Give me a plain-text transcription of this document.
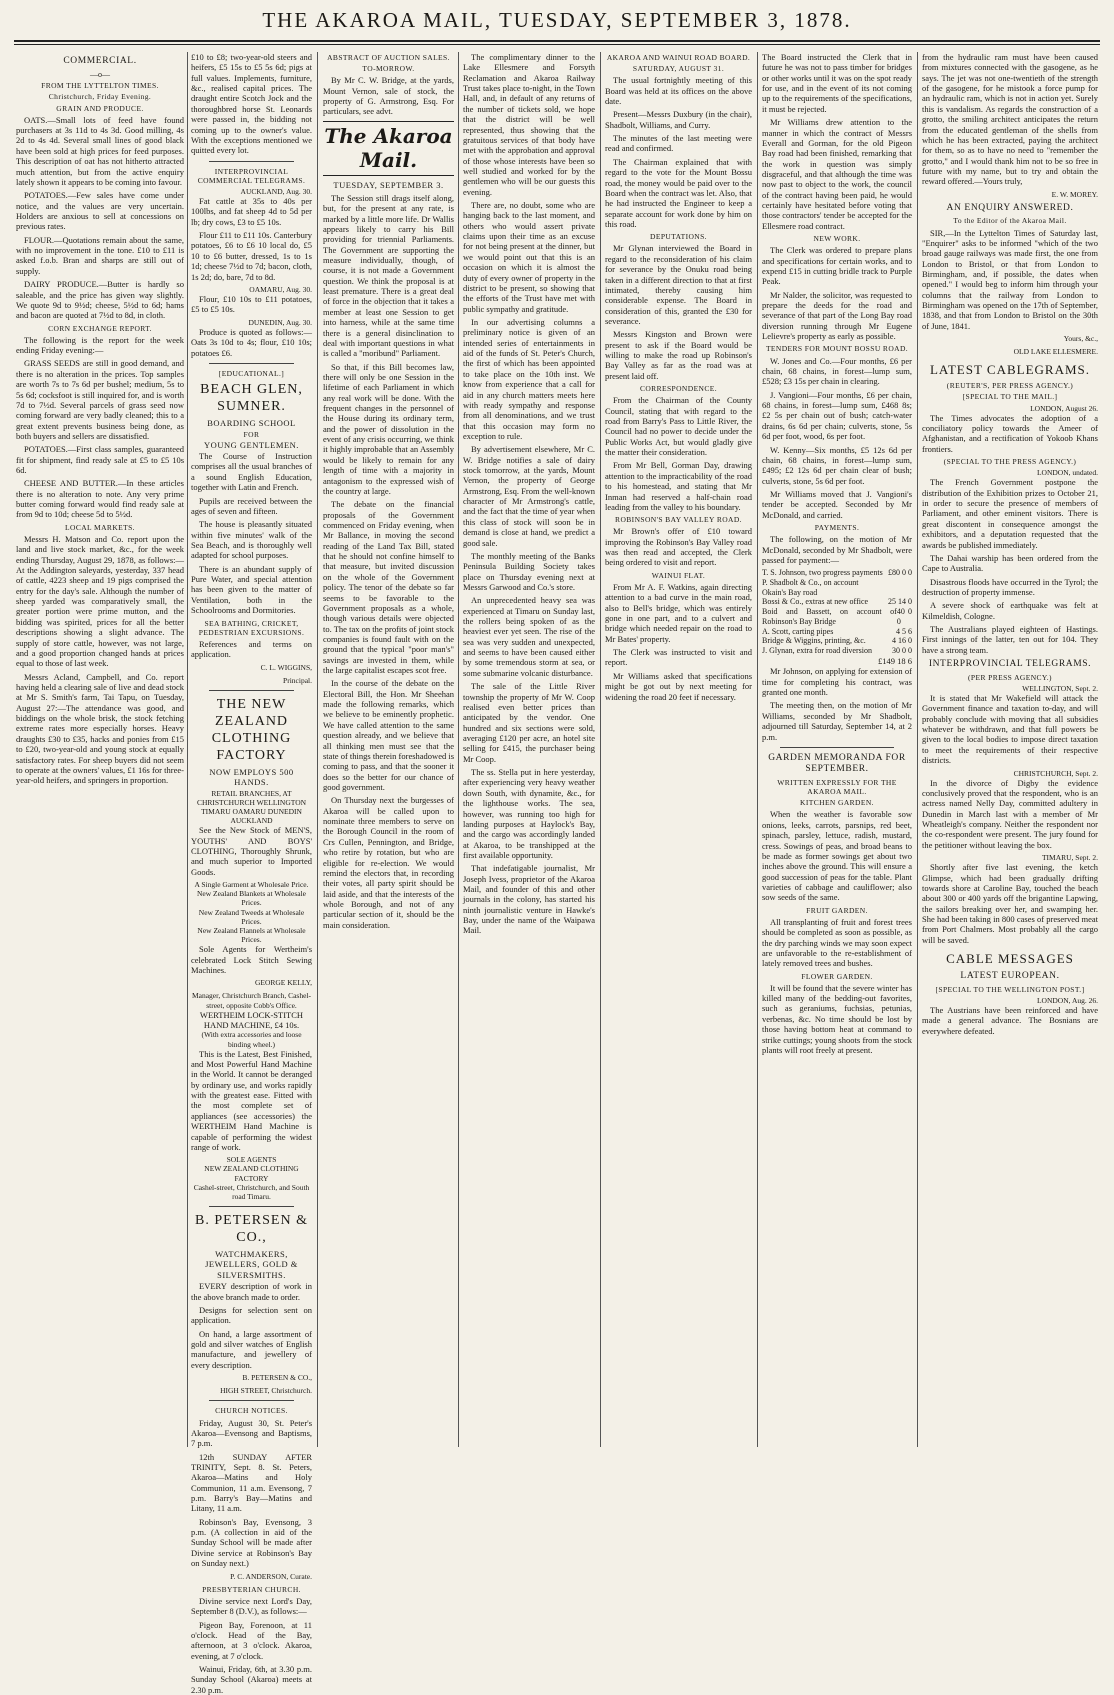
THE AKAROA MAIL, TUESDAY, SEPTEMBER 3, 1878.
COMMERCIAL.
—o—
FROM THE LYTTELTON TIMES.
Christchurch, Friday Evening.
GRAIN AND PRODUCE.

OATS.—Small lots of feed have found purchasers at 3s 11d to 4s 3d. Good milling, 4s 2d to 4s 4d. Several small lines of good black have been sold at high prices for feed purposes. This description of oat has not hitherto attracted much attention, but from the active enquiry lately shown it appears to be coming into favour.

POTATOES.—Few sales have come under notice, and the values are very uncertain. Holders are anxious to sell at concessions on previous rates.

FLOUR.—Quotations remain about the same, with no improvement in the tone. £10 to £11 is asked f.o.b. Bran and sharps are still out of supply.

DAIRY PRODUCE.—Butter is hardly so saleable, and the price has given way slightly. We quote 9d to 9½d; cheese, 5½d to 6d; hams and bacon are quoted at 7½d to 8d, in cloth.

CORN EXCHANGE REPORT.

The following is the report for the week ending Friday evening:—

GRASS SEEDS are still in good demand, and there is no alteration in the prices. Top samples are worth 7s to 7s 6d per bushel; medium, 5s to 5s 6d; cocksfoot is still inquired for, and is worth 7d to 7½d. Several parcels of grass seed now coming forward are very badly cleaned; this to a great extent prevents business being done, as both buyers and sellers are dissatisfied.

POTATOES.—First class samples, guaranteed fit for shipment, find ready sale at £5 to £5 10s 6d.

CHEESE AND BUTTER.—In these articles there is no alteration to note. Any very prime butter coming forward would find ready sale at from 9d to 10d; cheese 5d to 5½d.

LOCAL MARKETS.

Messrs H. Matson and Co. report upon the land and live stock market, &c., for the week ending Thursday, August 29, 1878, as follows:—At the Addington saleyards, yesterday, 337 head of cattle, 4223 sheep and 19 pigs comprised the entry for the day's sale. Although the number of sheep yarded was comparatively small, the greater portion were prime mutton, and the bidding was spirited, prices for all the better descriptions showing a slight advance. The supply of store cattle, however, was not large, and a good proportion changed hands at prices equal to those of last week.

Messrs Acland, Campbell, and Co. report having held a clearing sale of live and dead stock at Mr S. Smith's farm, Tai Tapu, on Tuesday, August 27:—The attendance was good, and biddings on the whole brisk, the stock fetching extreme rates more especially horses. Heavy draughts £30 to £35, hacks and ponies from £15 to £20, two-year-old and young stock at equally satisfactory rates. For sheep buyers did not seem to operate at the owners' values, £1 16s for three-year-old heifers, and springers in proportion.

£10 to £8; two-year-old steers and heifers, £5 15s to £5 5s 6d; pigs at full values. Implements, furniture, &c., realised capital prices. The draught entire Scotch Jock and the thoroughbred horse St. Leonards were passed in, the bidding not coming up to the owner's value. With the exceptions mentioned we quitted every lot.

INTERPROVINCIAL COMMERCIAL TELEGRAMS.
AUCKLAND, Aug. 30.

Fat cattle at 35s to 40s per 100lbs, and fat sheep 4d to 5d per lb; dry cows, £3 to £5 10s.

Flour £11 to £11 10s. Canterbury potatoes, £6 to £6 10 local do, £5 10 to £6 butter, dressed, 1s to 1s 1d; cheese 7½d to 7d; bacon, cloth, 1s 2d; do, bare, 7d to 8d.

OAMARU, Aug. 30.

Flour, £10 10s to £11 potatoes, £5 to £5 10s.

DUNEDIN, Aug. 30.

Produce is quoted as follows:—Oats 3s 10d to 4s; flour, £10 10s; potatoes £6.

[EDUCATIONAL.]
BEACH GLEN, SUMNER.
BOARDING SCHOOL
FOR
YOUNG GENTLEMEN.

The Course of Instruction comprises all the usual branches of a sound English Education, together with Latin and French.

Pupils are received between the ages of seven and fifteen.

The house is pleasantly situated within five minutes' walk of the Sea Beach, and is thoroughly well adapted for school purposes.

There is an abundant supply of Pure Water, and special attention has been given to the matter of Ventilation, both in the Schoolrooms and Dormitories.

SEA BATHING, CRICKET, PEDESTRIAN EXCURSIONS.

References and terms on application.

C. L. WIGGINS,
Principal.
THE NEW ZEALAND CLOTHING FACTORY
NOW EMPLOYS 500 HANDS.
RETAIL BRANCHES, AT CHRISTCHURCH WELLINGTON TIMARU OAMARU DUNEDIN AUCKLAND

See the New Stock of MEN'S, YOUTHS' AND BOYS' CLOTHING, Thoroughly Shrunk, and much superior to Imported Goods.

A Single Garment at Wholesale Price.
New Zealand Blankets at Wholesale Prices.
New Zealand Tweeds at Wholesale Prices.
New Zealand Flannels at Wholesale Prices.

Sole Agents for Wertheim's celebrated Lock Stitch Sewing Machines.

GEORGE KELLY,
Manager, Christchurch Branch, Cashel-street, opposite Cobb's Office.
WERTHEIM LOCK-STITCH HAND MACHINE, £4 10s.
(With extra accessories and loose binding wheel.)

This is the Latest, Best Finished, and Most Powerful Hand Machine in the World. It cannot be deranged by ordinary use, and works rapidly with the greatest ease. Fitted with the most complete set of appliances (see accessories) the WERTHEIM Hand Machine is capable of performing the widest range of work.

SOLE AGENTS
NEW ZEALAND CLOTHING FACTORY
Cashel-street, Christchurch, and South road Timaru.
B. PETERSEN & CO.,
WATCHMAKERS, JEWELLERS, GOLD & SILVERSMITHS.

EVERY description of work in the above branch made to order.

Designs for selection sent on application.

On hand, a large assortment of gold and silver watches of English manufacture, and jewellery of every description.

B. PETERSEN & CO.,
HIGH STREET, Christchurch.
CHURCH NOTICES.

Friday, August 30, St. Peter's Akaroa—Evensong and Baptisms, 7 p.m.

12th SUNDAY AFTER TRINITY, Sept. 8. St. Peters, Akaroa—Matins and Holy Communion, 11 a.m. Evensong, 7 p.m. Barry's Bay—Matins and Litany, 11 a.m.

Robinson's Bay, Evensong, 3 p.m. (A collection in aid of the Sunday School will be made after Divine service at Robinson's Bay on Sunday next.)

P. C. ANDERSON, Curate.
PRESBYTERIAN CHURCH.

Divine service next Lord's Day, September 8 (D.V.), as follows:—

Pigeon Bay, Forenoon, at 11 o'clock. Head of the Bay, afternoon, at 3 o'clock. Akaroa, evening, at 7 o'clock.

Wainui, Friday, 6th, at 3.30 p.m. Sunday School (Akaroa) meets at 2.30 p.m.

ABSTRACT OF AUCTION SALES.
TO-MORROW.

By Mr C. W. Bridge, at the yards, Mount Vernon, sale of stock, the property of G. Armstrong, Esq. For particulars, see advt.

The Akaroa Mail.
TUESDAY, SEPTEMBER 3.

The Session still drags itself along, but, for the present at any rate, is marked by a little more life. Dr Wallis appears likely to carry his Bill providing for triennial Parliaments. The Government are supporting the measure individually, though, of course, it is not made a Government question. We think the proposal is at least premature. There is a great deal of force in the objection that it takes a member at least one Session to get into harness, while at the same time there is a general disinclination to deal with important questions in what is called a "moribund" Parliament.

So that, if this Bill becomes law, there will only be one Session in the lifetime of each Parliament in which any real work will be done. With the frequent changes in the personnel of the House during its ordinary term, and the power of dissolution in the event of any crisis occurring, we think it highly improbable that an Assembly would be likely to remain for any length of time with a majority in antagonism to the expressed wish of the country at large.

The debate on the financial proposals of the Government commenced on Friday evening, when Mr Ballance, in moving the second reading of the Land Tax Bill, stated that he should not confine himself to that measure, but invited discussion on the whole of the Government policy. The tenor of the debate so far seems to be favorable to the Government proposals as a whole, though various details were objected to. The tax on the profits of joint stock companies is found fault with on the ground that the typical "poor man's" savings are invested in them, while the large capitalist escapes scot free.

In the course of the debate on the Electoral Bill, the Hon. Mr Sheehan made the following remarks, which we believe to be eminently prophetic. We have called attention to the same question already, and we believe that all thinking men must see that the state of things therein foreshadowed is coming to pass, and that the sooner it does so the better for our chance of good government.

On Thursday next the burgesses of Akaroa will be called upon to nominate three members to serve on the Borough Council in the room of Crs Cullen, Pennington, and Bridge, who retire by rotation, but who are eligible for re-election. We would remind the electors that, in recording their votes, all party spirit should be laid aside, and that the interests of the whole Borough, and not of any particular section of it, should be the main consideration.

The complimentary dinner to the Lake Ellesmere and Forsyth Reclamation and Akaroa Railway Trust takes place to-night, in the Town Hall, and, in default of any returns of the number of tickets sold, we hope that the district will be well represented, thus showing that the gratuitous services of that body have met with the approbation and approval of those whose interests have been so well studied and worked for by the gentlemen who will be our guests this evening.

There are, no doubt, some who are hanging back to the last moment, and others who would assert private claims upon their time as an excuse for not being present at the dinner, but we would point out that this is an occasion on which it is almost the duty of every owner of property in the district to be present, so showing that the efforts of the Trust have met with public sympathy and gratitude.

In our advertising columns a preliminary notice is given of an intended series of entertainments in aid of the funds of St. Peter's Church, the first of which has been appointed to take place on the 10th inst. We know from experience that a call for aid in any church matters meets here with ready sympathy and response from all denominations, and we trust that this occasion may form no exception to rule.

By advertisement elsewhere, Mr C. W. Bridge notifies a sale of dairy stock tomorrow, at the yards, Mount Vernon, the property of George Armstrong, Esq. From the well-known character of Mr Armstrong's cattle, and the fact that the time of year when this class of stock will soon be in demand is close at hand, we predict a good sale.

The monthly meeting of the Banks Peninsula Building Society takes place on Thursday evening next at Messrs Garwood and Co.'s store.

An unprecedented heavy sea was experienced at Timaru on Sunday last, the rollers being spoken of as the heaviest ever yet seen. The rise of the sea was very sudden and unexpected, and seems to have been caused either by some tremendous storm at sea, or some submarine volcanic disturbance.

The sale of the Little River township the property of Mr W. Coop realised even better prices than anticipated by the vendor. One hundred and six sections were sold, averaging £120 per acre, an hotel site selling for £415, the purchaser being Mr Coop.

The ss. Stella put in here yesterday, after experiencing very heavy weather down South, with dynamite, &c., for the lighthouse works. The sea, however, was running too high for landing purposes at Haylock's Bay, and the cargo was accordingly landed at Akaroa, to be transhipped at the first available opportunity.

That indefatigable journalist, Mr Joseph Ivess, proprietor of the Akaroa Mail, and founder of this and other journals in the colony, has started his ninth journalistic venture in Hawke's Bay, under the name of the Waipawa Mail.

AKAROA AND WAINUI ROAD BOARD.
SATURDAY, AUGUST 31.

The usual fortnightly meeting of this Board was held at its offices on the above date.

Present—Messrs Duxbury (in the chair), Shadbolt, Williams, and Curry.

The minutes of the last meeting were read and confirmed.

The Chairman explained that with regard to the vote for the Mount Bossu road, the money would be paid over to the Board when the contract was let. Also, that he had instructed the Engineer to keep a separate account for work done by him on this road.

DEPUTATIONS.

Mr Glynan interviewed the Board in regard to the reconsideration of his claim for severance by the Onuku road being taken in a different direction to that at first intimated, thereby causing him considerable expense. The Board in consideration of this, granted the £30 for severance.

Messrs Kingston and Brown were present to ask if the Board would be willing to make the road up Robinson's Bay Valley as far as the road was at present laid off.

CORRESPONDENCE.

From the Chairman of the County Council, stating that with regard to the road from Barry's Pass to Little River, the Council had no power to decide under the Public Works Act, but would gladly give the matter their consideration.

From Mr Bell, Gorman Day, drawing attention to the impracticability of the road to his homestead, and stating that Mr Inman had reserved a half-chain road leading from the valley to his boundary.

ROBINSON'S BAY VALLEY ROAD.

Mr Brown's offer of £10 toward improving the Robinson's Bay Valley road was then read and accepted, the Clerk being ordered to visit and report.

WAINUI FLAT.

From Mr A. F. Watkins, again directing attention to a bad curve in the main road, also to Bell's bridge, which was entirely gone in one part, and to a culvert and bridge which needed repair on the road to Mr Bates' property.

The Clerk was instructed to visit and report.

Mr Williams asked that specifications might be got out by next meeting for widening the road 20 feet if necessary.

The Board instructed the Clerk that in future he was not to pass timber for bridges or other works until it was on the spot ready for use, and in the event of its not coming up to the requirements of the specifications, it must be rejected.

Mr Williams drew attention to the manner in which the contract of Messrs Everall and Gorman, for the old Pigeon Bay road had been finished, remarking that the work in question was simply disgraceful, and that although the time was now past to object to the work, the council of the contract having been paid, he would certainly have hesitated before voting that those contractors' tender be accepted for the Ellesmere road contract.

NEW WORK.

The Clerk was ordered to prepare plans and specifications for certain works, and to expend £15 in cutting bridle track to Purple Peak.

Mr Nalder, the solicitor, was requested to prepare the deeds for the road and severance of that part of the Long Bay road diversion running through Mr Eugene Lelievre's property as early as possible.

TENDERS FOR MOUNT BOSSU ROAD.

W. Jones and Co.—Four months, £6 per chain, 68 chains, in forest—lump sum, £528; £3 15s per chain in clearing.

J. Vangioni—Four months, £6 per chain, 68 chains, in forest—lump sum, £468 8s; £2 5s per chain out of bush; catch-water drains, 6s 6d per chain; culverts, stone, 5s 6d per foot, wood, 6s per foot.

W. Kenny—Six months, £5 12s 6d per chain, 68 chains, in forest—lump sum, £495; £2 12s 6d per chain clear of bush; culverts, stone, 5s 6d per foot.

Mr Williams moved that J. Vangioni's tender be accepted. Seconded by Mr McDonald, and carried.

PAYMENTS.

The following, on the motion of Mr McDonald, seconded by Mr Shadbolt, were passed for payment:—

T. S. Johnson, two progress payments £80 0 0
P. Shadbolt & Co., on account
Okain's Bay road
Bossi & Co., extras at new office 25 14 0
Boid and Bassett, on account of Robinson's Bay Bridge
40 0 0
A. Scott, carting pipes	4 5 6
Bridge & Wiggins, printing, &c.	4 16 0
J. Glynan, extra for road diversion	30 0 0
£149 18 6

Mr Johnson, on applying for extension of time for completing his contract, was granted one month.

The meeting then, on the motion of Mr Williams, seconded by Mr Shadbolt, adjourned till Saturday, September 14, at 2 p.m.

GARDEN MEMORANDA FOR SEPTEMBER.
WRITTEN EXPRESSLY FOR THE AKAROA MAIL.
KITCHEN GARDEN.

When the weather is favorable sow onions, leeks, carrots, parsnips, red beet, spinach, parsley, lettuce, radish, mustard, cress. Sowings of peas, and broad beans to be made as former sowings get about two inches above the ground. This will ensure a good succession of peas for the table. Plant varieties of cabbage and cauliflower; also sow seeds of the same.

FRUIT GARDEN.

All transplanting of fruit and forest trees should be completed as soon as possible, as the dry parching winds we may soon expect are unfavorable to the re-establishment of lately removed trees and bushes.

FLOWER GARDEN.

It will be found that the severe winter has killed many of the bedding-out favorites, such as geraniums, fuchsias, petunias, verbenas, &c. No time should be lost by those having bottom heat at command to strike cuttings; young shoots from the stock plants will root freely at present.

from the hydraulic ram must have been caused from mixtures connected with the gasogene, as he says. The jet was not one-twentieth of the strength of the gasogene, for he mistook a force pump for an hydraulic ram, which is not in action yet. Surely this is vandalism. As regards the construction of a grotto, the smiling architect anticipates the return from the educated gentleman of the shells from which he has been extracted, paying the architect for them, so as to have no need to "remember the grotto," and I would thank him not to be so free in future with my name, but to try and obtain the reward offered.—Yours truly,

E. W. MOREY.
AN ENQUIRY ANSWERED.
To the Editor of the Akaroa Mail.

SIR,—In the Lyttelton Times of Saturday last, "Enquirer" asks to be informed "which of the two broad gauge railways was made first, the one from London to Bristol, or that from London to Birmingham, and, if possible, the dates when opened." I would beg to inform him through your columns that the railway from London to Birmingham was opened on the 17th of September, 1838, and that from London to Bristol on the 30th of June, 1841.

Yours, &c.,
OLD LAKE ELLESMERE.
LATEST CABLEGRAMS.
(REUTER'S, PER PRESS AGENCY.)
[SPECIAL TO THE MAIL.]
LONDON, August 26.

The Times advocates the adoption of a conciliatory policy towards the Ameer of Afghanistan, and a rectification of Yokoob Khans frontiers.

(SPECIAL TO THE PRESS AGENCY.)
LONDON, undated.

The French Government postpone the distribution of the Exhibition prizes to October 21, in order to secure the presence of members of Parliament, and other eminent visitors. There is great discontent in consequence amongst the exhibitors, and a deputation requested that the awards be published immediately.

The Dahai warship has been ordered from the Cape to Australia.

Disastrous floods have occurred in the Tyrol; the destruction of property immense.

A severe shock of earthquake was felt at Kilmeldish, Cologne.

The Australians played eighteen of Hastings. First innings of the latter, ten out for 104. They have a strong team.

INTERPROVINCIAL TELEGRAMS.
(PER PRESS AGENCY.)
WELLINGTON, Sept. 2.

It is stated that Mr Wakefield will attack the Government finance and taxation to-day, and will probably conclude with moving that all subsidies whatever be withdrawn, and that full powers be given to the local bodies to impose direct taxation to meet the requirements of their respective districts.

CHRISTCHURCH, Sept. 2.

In the divorce of Digby the evidence conclusively proved that the respondent, who is an actress named Nelly Day, committed adultery in Dunedin in March last with a member of Mr Wheatleigh's company. Neither the respondent nor the co-respondent were present. The jury found for the petitioner without leaving the box.

TIMARU, Sept. 2.

Shortly after five last evening, the ketch Glimpse, which had been gradually drifting towards shore at Caroline Bay, touched the beach about 300 or 400 yards off the brigantine Lapwing, the sailors breaking over her, and swamping her. She had been taking in 800 cases of preserved meat from Port Chalmers. Most probably all the cargo will be saved.

CABLE MESSAGES
LATEST EUROPEAN.
[SPECIAL TO THE WELLINGTON POST.]
LONDON, Aug. 26.

The Austrians have been reinforced and have made a general advance. The Bosnians are everywhere defeated.
